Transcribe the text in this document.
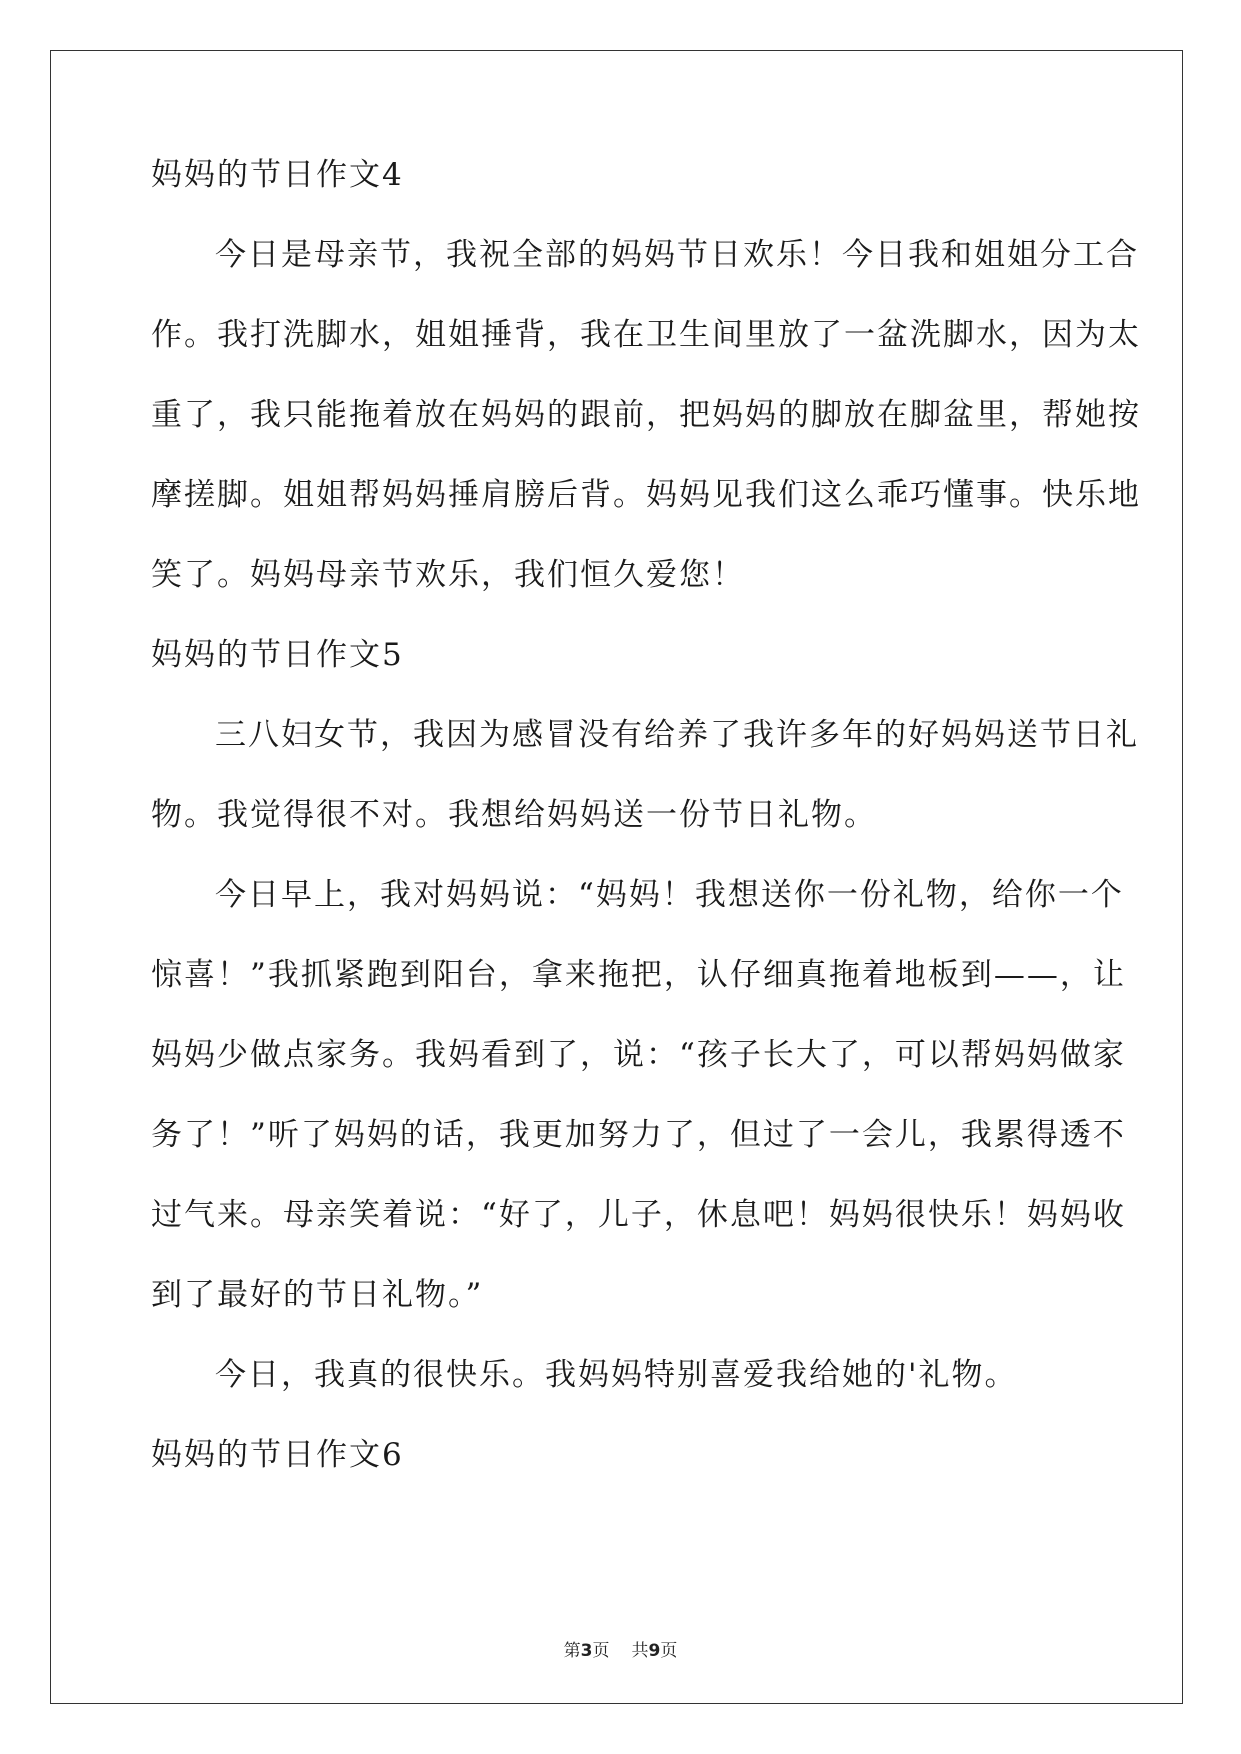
妈妈的节日作文4
今日是母亲节，我祝全部的妈妈节日欢乐！今日我和姐姐分工合
作。我打洗脚水，姐姐捶背，我在卫生间里放了一盆洗脚水，因为太
重了，我只能拖着放在妈妈的跟前，把妈妈的脚放在脚盆里，帮她按
摩搓脚。姐姐帮妈妈捶肩膀后背。妈妈见我们这么乖巧懂事。快乐地
笑了。妈妈母亲节欢乐，我们恒久爱您！
妈妈的节日作文5
三八妇女节，我因为感冒没有给养了我许多年的好妈妈送节日礼
物。我觉得很不对。我想给妈妈送一份节日礼物。
今日早上，我对妈妈说：“妈妈！我想送你一份礼物，给你一个
惊喜！”我抓紧跑到阳台，拿来拖把，认仔细真拖着地板到——，让
妈妈少做点家务。我妈看到了，说：“孩子长大了，可以帮妈妈做家
务了！”听了妈妈的话，我更加努力了，但过了一会儿，我累得透不
过气来。母亲笑着说：“好了，儿子，休息吧！妈妈很快乐！妈妈收
到了最好的节日礼物。”
今日，我真的很快乐。我妈妈特别喜爱我给她的'礼物。
妈妈的节日作文6
第3页 共9页
